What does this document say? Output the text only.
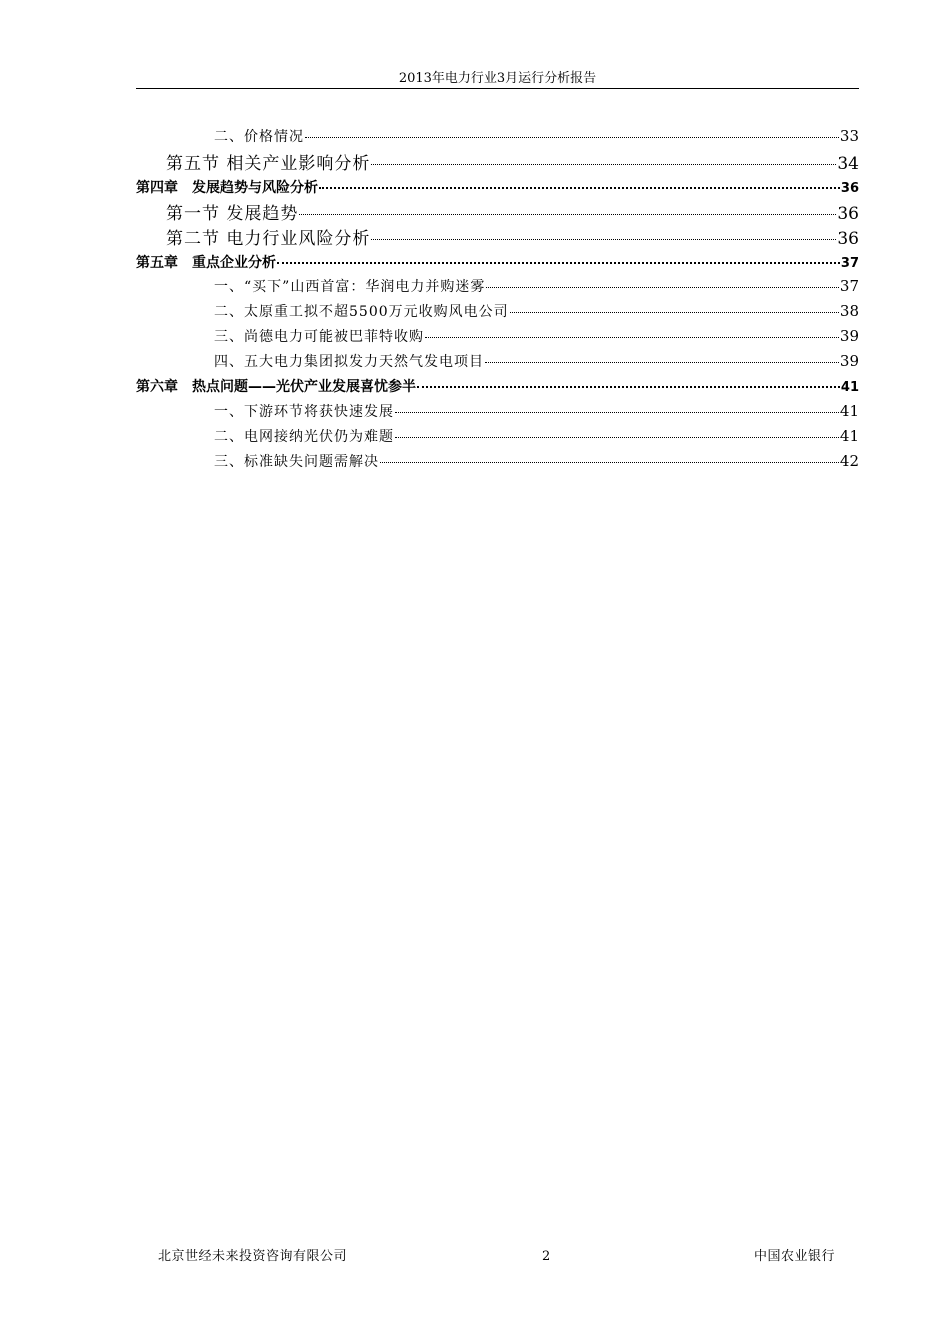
2013年电力行业3月运行分析报告
二、价格情况	33
第五节 相关产业影响分析	34
第四章 发展趋势与风险分析	36
第一节 发展趋势	36
第二节 电力行业风险分析	36
第五章 重点企业分析	37
一、“买下”山西首富：华润电力并购迷雾	37
二、太原重工拟不超5500万元收购风电公司	38
三、尚德电力可能被巴菲特收购	39
四、五大电力集团拟发力天然气发电项目	39
第六章 热点问题——光伏产业发展喜忧参半	41
一、下游环节将获快速发展	41
二、电网接纳光伏仍为难题	41
三、标准缺失问题需解决	42
北京世经未来投资咨询有限公司	2	中国农业银行
